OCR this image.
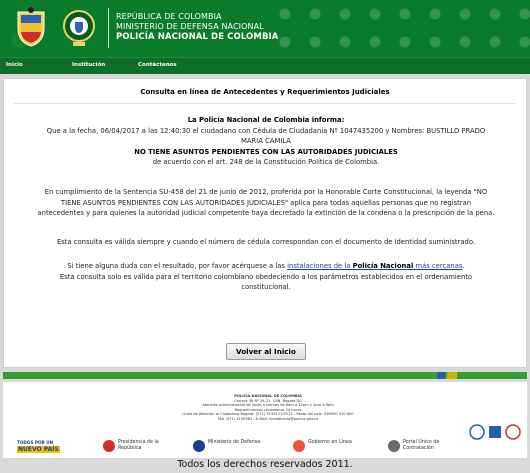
REPÚBLICA DE COLOMBIA
MINISTERIO DE DEFENSA NACIONAL
POLICÍA NACIONAL DE COLOMBIA
Inicio	Institución	Contáctenos
Consulta en línea de Antecedentes y Requerimientos Judiciales
La Policía Nacional de Colombia informa:
Que a la fecha, 06/04/2017 a las 12:40:30 el ciudadano con Cédula de Ciudadanía Nº 1047435200 y Nombres: BUSTILLO PRADO
MARIA CAMILA
NO TIENE ASUNTOS PENDIENTES CON LAS AUTORIDADES JUDICIALES
de acuerdo con el art. 248 de la Constitución Política de Colombia.
En cumplimiento de la Sentencia SU-458 del 21 de junio de 2012, proferida por la Honorable Corte Constitucional, la leyenda "NO
TIENE ASUNTOS PENDIENTES CON LAS AUTORIDADES JUDICIALES" aplica para todas aquellas personas que no registran
antecedentes y para quienes la autoridad judicial competente haya decretado la extinción de la condena o la prescripción de la pena.
Esta consulta es válida siempre y cuando el número de cédula correspondan con el documento de identidad suministrado.
Si tiene alguna duda con el resultado, por favor acérquese a las instalaciones de la Policía Nacional más cercanas.
Esta consulta solo es válida para el territorio colombiano obedeciendo a los parámetros establecidos en el ordenamiento
constitucional.
Volver al Inicio
POLICÍA NACIONAL DE COLOMBIA
Carrera 59 Nº 26-21, CAN, Bogotá DC
Atención administrativa de lunes a viernes de 8am a 12pm y 2pm a 6pm
Requerimientos ciudadanos 24 horas
Línea de Atención al Ciudadano Bogotá: (571) 5159111/9112 - Resto del país: 018000 910 600
FAX (571) 3159581 - E-Mail: lineadirecta@policia.gov.co
TODOS POR UN
NUEVO PAÍS
Presidencia de la República
Ministerio de Defensa	Gobierno en Línea	Portal Único de Contratación
Todos los derechos reservados 2011.
